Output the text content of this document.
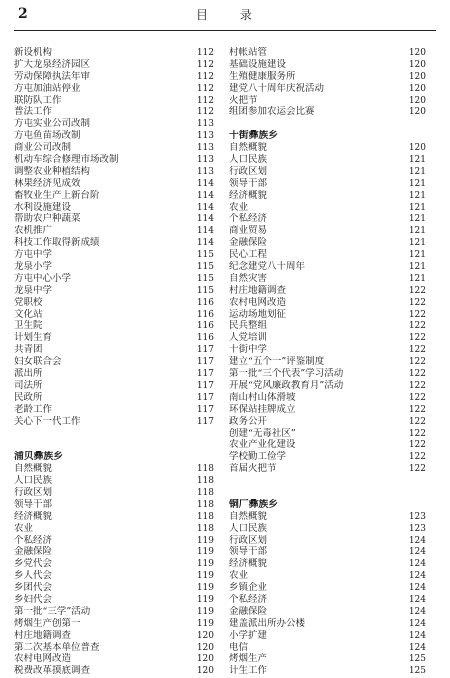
2	目 录
新设机构	112
扩大龙泉经济园区	112
劳动保障执法年审	112
方屯加油站停业	112
联防队工作	112
普法工作	112
方屯实业公司改制	113
方屯鱼苗场改制	113
商业公司改制	113
机动车综合修理市场改制	113
调整农业种植结构	113
林果经济见成效	114
畜牧业生产上新台阶	114
水利设施建设	114
帮助农户种蔬菜	114
农机推广	114
科技工作取得新成绩	114
方屯中学	115
龙泉小学	115
方屯中心小学	115
龙泉中学	115
党职校	116
文化站	116
卫生院	116
计划生育	116
共青团	117
妇女联合会	117
派出所	117
司法所	117
民政所	117
老龄工作	117
关心下一代工作	117
浦贝彝族乡
自然概貌	118
人口民族	118
行政区划	118
领导干部	118
经济概貌	118
农业	118
个私经济	119
金融保险	119
乡党代会	119
乡人代会	119
乡团代会	119
乡妇代会	119
第一批“三学”活动	119
烤烟生产创第一	119
村庄地籍调查	120
第二次基本单位普查	120
农村电网改造	120
税费改革摸底调查	120
村帐站管	120
基础设施建设	120
生殖健康服务所	120
建党八十周年庆祝活动	120
火把节	120
组团参加农运会比赛	120
十街彝族乡
自然概貌	120
人口民族	121
行政区划	121
领导干部	121
经济概貌	121
农业	121
个私经济	121
商业贸易	121
金融保险	121
民心工程	121
纪念建党八十周年	121
自然灾害	121
村庄地籍调查	122
农村电网改造	122
运动场地划征	122
民兵整组	122
人党培训	122
十街中学	122
建立“五个一”评鉴制度	122
第一批“三个代表”学习活动	122
开展“党风廉政教育月”活动	122
南山村山体滑坡	122
环保站挂牌成立	122
政务公开	122
创建“无毒社区”	122
农业产业化建设	122
学校勤工俭学	122
首届火把节	122
铜厂彝族乡
自然概貌	123
人口民族	123
行政区划	124
领导干部	124
经济概貌	124
农业	124
乡镇企业	124
个私经济	124
金融保险	124
建盖派出所办公楼	124
小学扩建	124
电信	124
烤烟生产	125
计生工作	125
